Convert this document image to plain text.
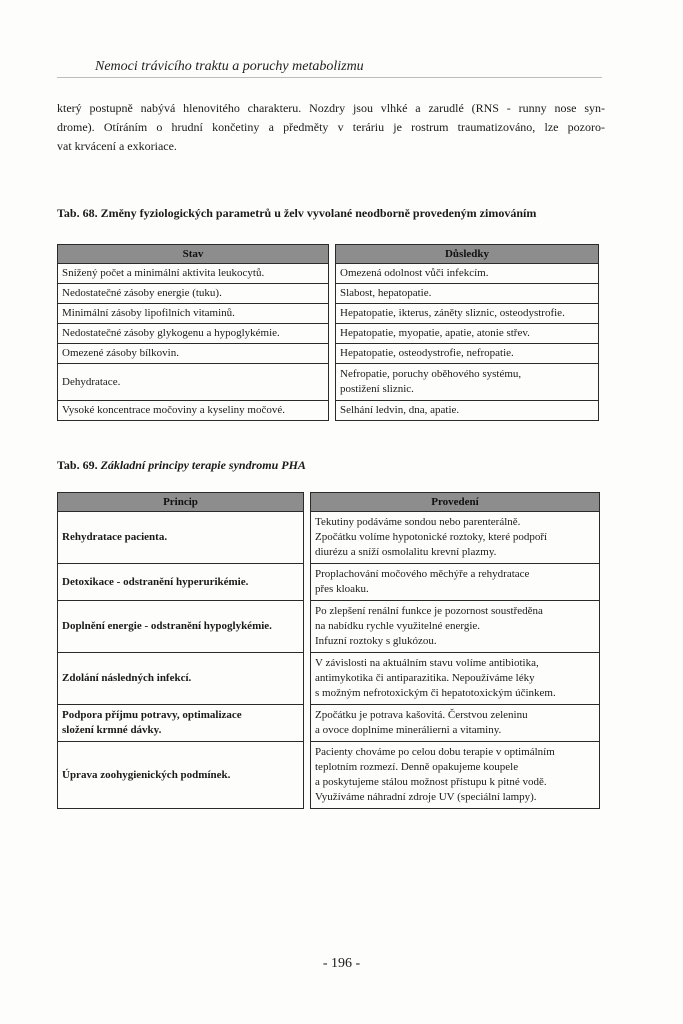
Nemoci trávicího traktu a poruchy metabolizmu
který postupně nabývá hlenovitého charakteru. Nozdry jsou vlhké a zarudlé (RNS - runny nose syn-
drome). Otíráním o hrudní končetiny a předměty v teráriu je rostrum traumatizováno, lze pozoro-
vat krvácení a exkoriace.
Tab. 68. Změny fyziologických parametrů u želv vyvolané neodborně provedeným zimováním
Stav		Důsledky
Snížený počet a minimální aktivita leukocytů.		Omezená odolnost vůči infekcím.
Nedostatečné zásoby energie (tuku).		Slabost, hepatopatie.
Minimální zásoby lipofilních vitaminů.		Hepatopatie, ikterus, záněty sliznic, osteodystrofie.
Nedostatečné zásoby glykogenu a hypoglykémie.		Hepatopatie, myopatie, apatie, atonie střev.
Omezené zásoby bílkovin.		Hepatopatie, osteodystrofie, nefropatie.
Dehydratace.		Nefropatie, poruchy oběhového systému,
postižení sliznic.

Vysoké koncentrace močoviny a kyseliny močové.		Selhání ledvin, dna, apatie.
Tab. 69. Základní principy terapie syndromu PHA
Princip		Provedení
Rehydratace pacienta.		Tekutiny podáváme sondou nebo parenterálně.
Zpočátku volíme hypotonické roztoky, které podpoří
diurézu a sníží osmolalitu krevní plazmy.

Detoxikace - odstranění hyperurikémie.		Proplachování močového měchýře a rehydratace
přes kloaku.

Doplnění energie - odstranění hypoglykémie.		Po zlepšení renální funkce je pozornost soustředěna
na nabídku rychle využitelné energie.
Infuzní roztoky s glukózou.

Zdolání následných infekcí.		V závislosti na aktuálním stavu volíme antibiotika,
antimykotika či antiparazitika. Nepoužíváme léky
s možným nefrotoxickým či hepatotoxickým účinkem.

Podpora příjmu potravy, optimalizace
složení krmné dávky.		Zpočátku je potrava kašovitá. Čerstvou zeleninu
a ovoce doplníme minerálierni a vitaminy.

Úprava zoohygienických podmínek.		Pacienty chováme po celou dobu terapie v optimálním
teplotním rozmezí. Denně opakujeme koupele
a poskytujeme stálou možnost přístupu k pitné vodě.
Využíváme náhradní zdroje UV (speciální lampy).
- 196 -
